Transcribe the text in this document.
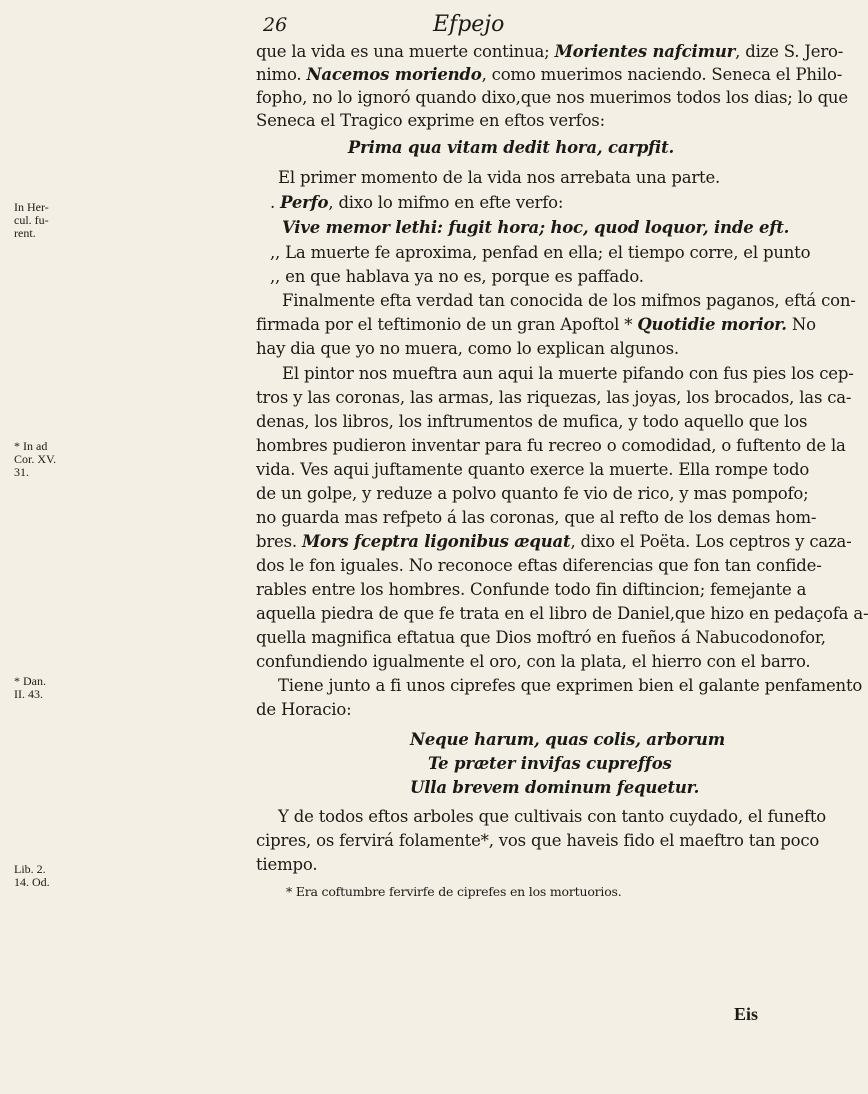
26	Efpejo
que la vida es una muerte continua; Morientes nafcimur, dize S. Jero-
nimo. Nacemos moriendo, como muerimos naciendo. Seneca el Philo-
fopho, no lo ignoró quando dixo,que nos muerimos todos los dias; lo que
Seneca el Tragico exprime en eftos verfos:
Prima qua vitam dedit hora, carpfit.
El primer momento de la vida nos arrebata una parte.
. Perfo, dixo lo mifmo en efte verfo:
Vive memor lethi: fugit hora; hoc, quod loquor, inde eft.
,, La muerte fe aproxima, penfad en ella; el tiempo corre, el punto
,, en que hablava ya no es, porque es paffado.
Finalmente efta verdad tan conocida de los mifmos paganos, eftá con-
firmada por el teftimonio de un gran Apoftol * Quotidie morior. No
hay dia que yo no muera, como lo explican algunos.
El pintor nos mueftra aun aqui la muerte pifando con fus pies los cep-
tros y las coronas, las armas, las riquezas, las joyas, los brocados, las ca-
denas, los libros, los inftrumentos de mufica, y todo aquello que los
hombres pudieron inventar para fu recreo o comodidad, o fuftento de la
vida. Ves aqui juftamente quanto exerce la muerte. Ella rompe todo
de un golpe, y reduze a polvo quanto fe vio de rico, y mas pompofo;
no guarda mas refpeto á las coronas, que al refto de los demas hom-
bres. Mors fceptra ligonibus æquat, dixo el Poëta. Los ceptros y caza-
dos le fon iguales. No reconoce eftas diferencias que fon tan confide-
rables entre los hombres. Confunde todo fin diftincion; femejante a
aquella piedra de que fe trata en el libro de Daniel,que hizo en pedaçofa a-
quella magnifica eftatua que Dios moftró en fueños á Nabucodonofor,
confundiendo igualmente el oro, con la plata, el hierro con el barro.
Tiene junto a fi unos ciprefes que exprimen bien el galante penfamento
de Horacio:
Neque harum, quas colis, arborum
Te præter invifas cupreffos
Ulla brevem dominum fequetur.
Y de todos eftos arboles que cultivais con tanto cuydado, el funefto
cipres, os fervirá folamente*, vos que haveis fido el maeftro tan poco
tiempo.
* Era coftumbre fervirfe de ciprefes en los mortuorios.
In Her-
cul. fu-
rent.
* In ad
Cor. XV.
31.
* Dan.
II. 43.
Lib. 2.
14. Od.
Eis
